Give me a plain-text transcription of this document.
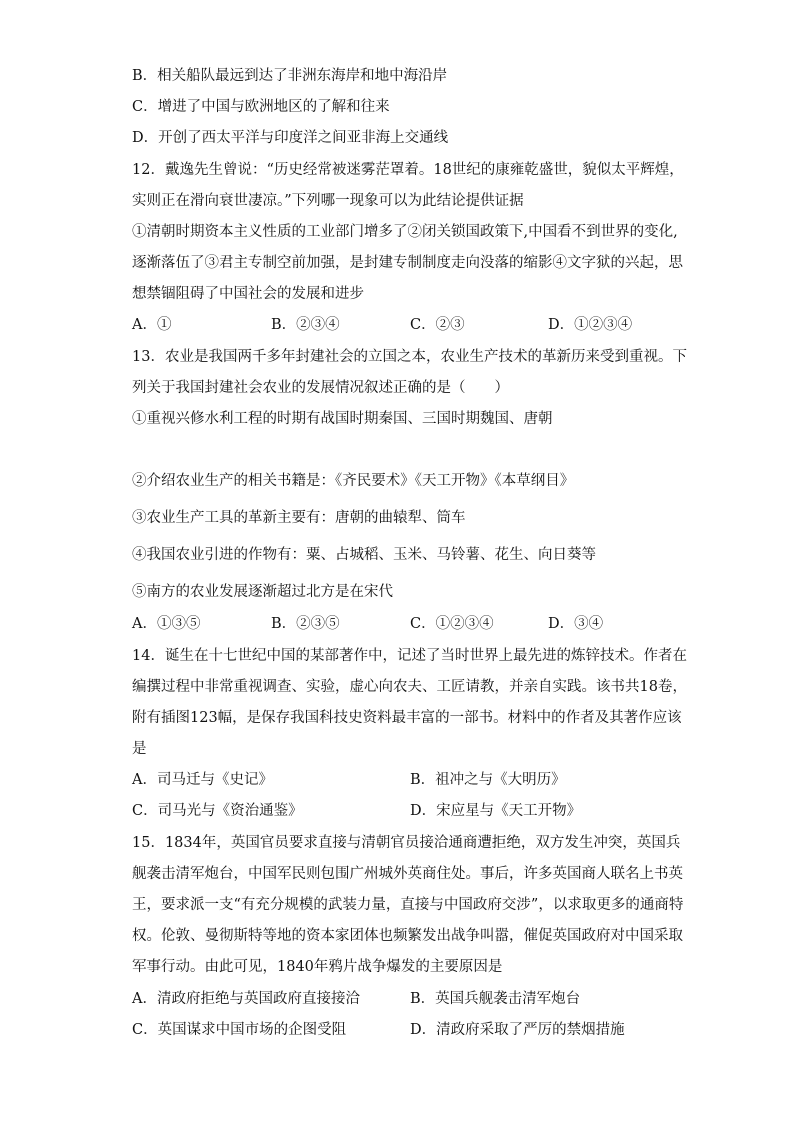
B．相关船队最远到达了非洲东海岸和地中海沿岸
C．增进了中国与欧洲地区的了解和往来
D．开创了西太平洋与印度洋之间亚非海上交通线
12．戴逸先生曾说：“历史经常被迷雾茫罩着。18世纪的康雍乾盛世，貌似太平辉煌，
实则正在滑向衰世凄凉。”下列哪一现象可以为此结论提供证据
①清朝时期资本主义性质的工业部门增多了②闭关锁国政策下,中国看不到世界的变化,
逐渐落伍了③君主专制空前加强，是封建专制制度走向没落的缩影④文字狱的兴起，思
想禁锢阻碍了中国社会的发展和进步
A．①	B．②③④	C．②③	D．①②③④
13．农业是我国两千多年封建社会的立国之本，农业生产技术的革新历来受到重视。下
列关于我国封建社会农业的发展情况叙述正确的是（　　）
①重视兴修水利工程的时期有战国时期秦国、三国时期魏国、唐朝
②介绍农业生产的相关书籍是：《齐民要术》《天工开物》《本草纲目》
③农业生产工具的革新主要有：唐朝的曲辕犁、筒车
④我国农业引进的作物有：粟、占城稻、玉米、马铃薯、花生、向日葵等
⑤南方的农业发展逐渐超过北方是在宋代
A．①③⑤	B．②③⑤	C．①②③④	D．③④
14．诞生在十七世纪中国的某部著作中，记述了当时世界上最先进的炼锌技术。作者在
编撰过程中非常重视调查、实验，虚心向农夫、工匠请教，并亲自实践。该书共18卷，
附有插图123幅，是保存我国科技史资料最丰富的一部书。材料中的作者及其著作应该
是
A．司马迁与《史记》	B．祖冲之与《大明历》
C．司马光与《资治通鉴》	D．宋应星与《天工开物》
15．1834年，英国官员要求直接与清朝官员接洽通商遭拒绝，双方发生冲突，英国兵
舰袭击清军炮台，中国军民则包围广州城外英商住处。事后，许多英国商人联名上书英
王，要求派一支“有充分规模的武装力量，直接与中国政府交涉”，以求取更多的通商特
权。伦敦、曼彻斯特等地的资本家团体也频繁发出战争叫嚣，催促英国政府对中国采取
军事行动。由此可见，1840年鸦片战争爆发的主要原因是
A．清政府拒绝与英国政府直接接洽	B．英国兵舰袭击清军炮台
C．英国谋求中国市场的企图受阻	D．清政府采取了严厉的禁烟措施
